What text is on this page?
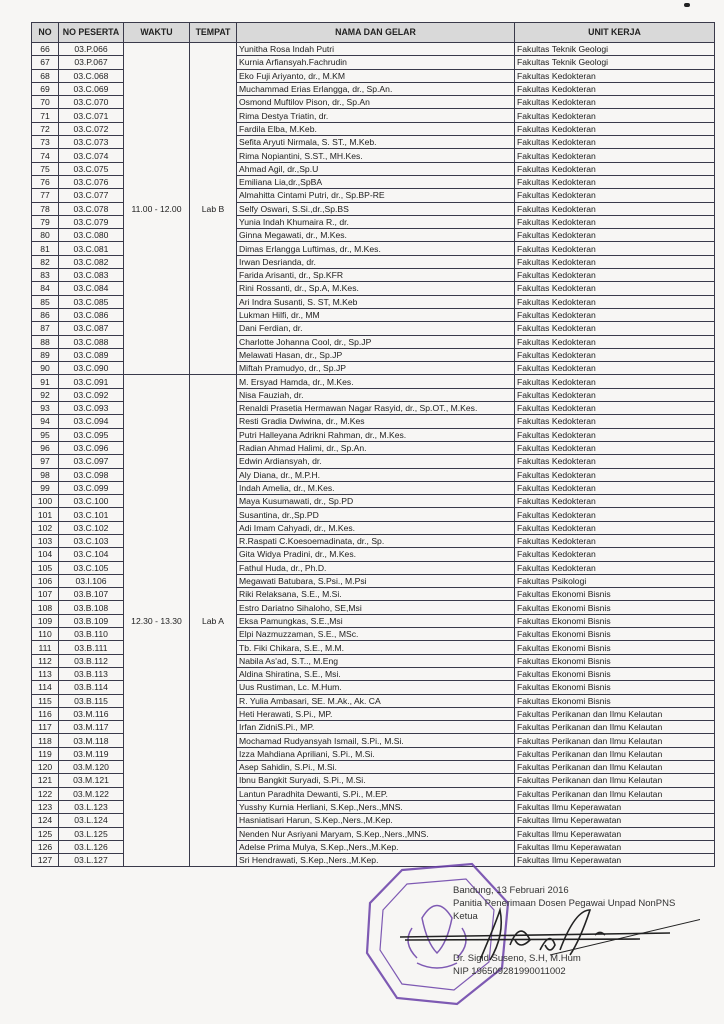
NO	NO PESERTA	WAKTU	TEMPAT	NAMA DAN GELAR	UNIT KERJA
66	03.P.066			Yunitha Rosa Indah Putri	Fakultas Teknik Geologi
67	03.P.067			Kurnia Arfiansyah.Fachrudin	Fakultas Teknik Geologi
68	03.C.068			Eko Fuji Ariyanto, dr., M.KM	Fakultas Kedokteran
69	03.C.069			Muchammad Erias Erlangga, dr., Sp.An.	Fakultas Kedokteran
70	03.C.070			Osmond Muftilov Pison, dr., Sp.An	Fakultas Kedokteran
71	03.C.071			Rima Destya Triatin, dr.	Fakultas Kedokteran
72	03.C.072			Fardila Elba, M.Keb.	Fakultas Kedokteran
73	03.C.073			Sefita Aryuti Nirmala, S. ST., M.Keb.	Fakultas Kedokteran
74	03.C.074			Rima Nopiantini, S.ST., MH.Kes.	Fakultas Kedokteran
75	03.C.075			Ahmad Agil, dr.,Sp.U	Fakultas Kedokteran
76	03.C.076			Emiliana Lia,dr.,SpBA	Fakultas Kedokteran
77	03.C.077			Almahitta Cintami Putri, dr., Sp.BP-RE	Fakultas Kedokteran
78	03.C.078	11.00 - 12.00	Lab B	Selfy Oswari, S.Si.,dr.,Sp.BS	Fakultas Kedokteran
79	03.C.079			Yunia Indah Khumaira R., dr.	Fakultas Kedokteran
80	03.C.080			Ginna Megawati, dr., M.Kes.	Fakultas Kedokteran
81	03.C.081			Dimas Erlangga Luftimas, dr., M.Kes.	Fakultas Kedokteran
82	03.C.082			Irwan Desrianda, dr.	Fakultas Kedokteran
83	03.C.083			Farida Arisanti, dr., Sp.KFR	Fakultas Kedokteran
84	03.C.084			Rini Rossanti, dr., Sp.A, M.Kes.	Fakultas Kedokteran
85	03.C.085			Ari Indra Susanti, S. ST, M.Keb	Fakultas Kedokteran
86	03.C.086			Lukman Hilfi, dr., MM	Fakultas Kedokteran
87	03.C.087			Dani Ferdian, dr.	Fakultas Kedokteran
88	03.C.088			Charlotte Johanna Cool, dr., Sp.JP	Fakultas Kedokteran
89	03.C.089			Melawati Hasan, dr., Sp.JP	Fakultas Kedokteran
90	03.C.090			Miftah Pramudyo, dr., Sp.JP	Fakultas Kedokteran
91	03.C.091			M. Ersyad Hamda, dr., M.Kes.	Fakultas Kedokteran
92	03.C.092			Nisa Fauziah, dr.	Fakultas Kedokteran
93	03.C.093			Renaldi Prasetia Hermawan Nagar Rasyid, dr., Sp.OT., M.Kes.	Fakultas Kedokteran
94	03.C.094			Resti Gradia Dwiwina, dr., M.Kes	Fakultas Kedokteran
95	03.C.095			Putri Halleyana Adrikni Rahman, dr., M.Kes.	Fakultas Kedokteran
96	03.C.096			Radian Ahmad Halimi, dr., Sp.An.	Fakultas Kedokteran
97	03.C.097			Edwin Ardiansyah, dr.	Fakultas Kedokteran
98	03.C.098			Aly Diana, dr., M.P.H.	Fakultas Kedokteran
99	03.C.099			Indah Amelia, dr., M.Kes.	Fakultas Kedokteran
100	03.C.100			Maya Kusumawati, dr., Sp.PD	Fakultas Kedokteran
101	03.C.101			Susantina, dr.,Sp.PD	Fakultas Kedokteran
102	03.C.102			Adi Imam Cahyadi, dr., M.Kes.	Fakultas Kedokteran
103	03.C.103			R.Raspati C.Koesoemadinata, dr., Sp.	Fakultas Kedokteran
104	03.C.104			Gita Widya Pradini, dr., M.Kes.	Fakultas Kedokteran
105	03.C.105			Fathul Huda, dr., Ph.D.	Fakultas Kedokteran
106	03.I.106			Megawati Batubara, S.Psi., M.Psi	Fakultas Psikologi
107	03.B.107			Riki Relaksana, S.E., M.Si.	Fakultas Ekonomi Bisnis
108	03.B.108			Estro Dariatno Sihaloho, SE,Msi	Fakultas Ekonomi Bisnis
109	03.B.109	12.30 - 13.30	Lab A	Eksa Pamungkas, S.E.,Msi	Fakultas Ekonomi Bisnis
110	03.B.110			Elpi Nazmuzzaman, S.E., MSc.	Fakultas Ekonomi Bisnis
111	03.B.111			Tb. Fiki Chikara, S.E., M.M.	Fakultas Ekonomi Bisnis
112	03.B.112			Nabila As'ad, S.T.., M.Eng	Fakultas Ekonomi Bisnis
113	03.B.113			Aldina Shiratina, S.E., Msi.	Fakultas Ekonomi Bisnis
114	03.B.114			Uus Rustiman, Lc. M.Hum.	Fakultas Ekonomi Bisnis
115	03.B.115			R. Yulia Ambasari, SE. M.Ak., Ak. CA	Fakultas Ekonomi Bisnis
116	03.M.116			Heti Herawati, S.Pi., MP.	Fakultas Perikanan dan Ilmu Kelautan
117	03.M.117			Irfan ZidniS.Pi., MP.	Fakultas Perikanan dan Ilmu Kelautan
118	03.M.118			Mochamad Rudyansyah Ismail, S.Pi., M.Si.	Fakultas Perikanan dan Ilmu Kelautan
119	03.M.119			Izza Mahdiana Apriliani, S.Pi., M.Si.	Fakultas Perikanan dan Ilmu Kelautan
120	03.M.120			Asep Sahidin, S.Pi., M.Si.	Fakultas Perikanan dan Ilmu Kelautan
121	03.M.121			Ibnu Bangkit Suryadi, S.Pi., M.Si.	Fakultas Perikanan dan Ilmu Kelautan
122	03.M.122			Lantun Paradhita Dewanti, S.Pi., M.EP.	Fakultas Perikanan dan Ilmu Kelautan
123	03.L.123			Yusshy Kurnia Herliani, S.Kep.,Ners.,MNS.	Fakultas Ilmu Keperawatan
124	03.L.124			Hasniatisari Harun, S.Kep.,Ners.,M.Kep.	Fakultas Ilmu Keperawatan
125	03.L.125			Nenden Nur Asriyani Maryam, S.Kep.,Ners.,MNS.	Fakultas Ilmu Keperawatan
126	03.L.126			Adelse Prima Mulya, S.Kep.,Ners.,M.Kep.	Fakultas Ilmu Keperawatan
127	03.L.127			Sri Hendrawati, S.Kep.,Ners.,M.Kep.	Fakultas Ilmu Keperawatan
Bandung, 13 Februari 2016
Panitia Penerimaan Dosen Pegawai Unpad NonPNS
Ketua
Dr. Sigid Suseno, S.H, M.Hum
NIP 196509281990011002
